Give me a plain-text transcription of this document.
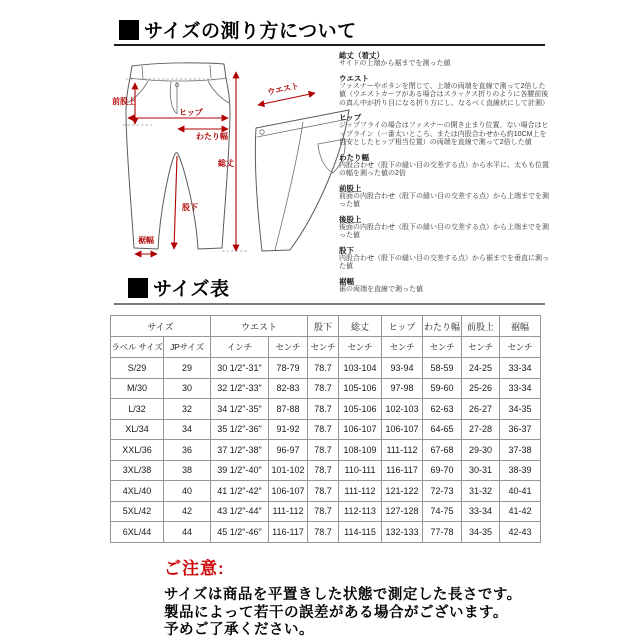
サイズの測り方について
前股上
ヒップ
わたり幅
総丈
股下
裾幅
ウエスト
総丈（着丈）
サイドの上端から裾までを測った値
ウエスト
ファスナーやボタンを閉じて、上端の両端を直線で測って2倍した値（ウエストカーブがある場合はスラックス折りのように各腰前後の真ん中が折り目になる折り方にし、なるべく直線状にして計測）
ヒップ
ジップフライの場合はファスナーの開き止まり位置、ない場合はヒップライン（一番太いところ、または内股合わせから約10CM上を目安としたヒップ相当位置）の両端を直線で測って2倍した値
わたり幅
内股合わせ（股下の縫い目の交差する点）から水平に、太もも位置の幅を測った値の2倍
前股上
前面の内股合わせ（股下の縫い目の交差する点）から上端までを測った値
後股上
後面の内股合わせ（股下の縫い目の交差する点）から上端までを測った値
股下
内股合わせ（股下の縫い目の交差する点）から裾までを垂直に測った値
裾幅
裾の両端を直線で測った値
サイズ表
サイズ		ウエスト		股下	総丈	ヒップ	わたり幅	前股上	裾幅
ラベル サイズ	JPサイズ	インチ	センチ	センチ	センチ	センチ	センチ	センチ	センチ
S/29	29	30 1/2"-31"	78-79	78.7	103-104	93-94	58-59	24-25	33-34
M/30	30	32 1/2"-33"	82-83	78.7	105-106	97-98	59-60	25-26	33-34
L/32	32	34 1/2"-35"	87-88	78.7	105-106	102-103	62-63	26-27	34-35
XL/34	34	35 1/2"-36"	91-92	78.7	106-107	106-107	64-65	27-28	36-37
XXL/36	36	37 1/2"-38"	96-97	78.7	108-109	111-112	67-68	29-30	37-38
3XL/38	38	39 1/2"-40"	101-102	78.7	110-111	116-117	69-70	30-31	38-39
4XL/40	40	41 1/2"-42"	106-107	78.7	111-112	121-122	72-73	31-32	40-41
5XL/42	42	43 1/2"-44"	111-112	78.7	112-113	127-128	74-75	33-34	41-42
6XL/44	44	45 1/2"-46"	116-117	78.7	114-115	132-133	77-78	34-35	42-43
ご注意:
サイズは商品を平置きした状態で測定した長さです。
製品によって若干の誤差がある場合がございます。
予めご了承ください。
